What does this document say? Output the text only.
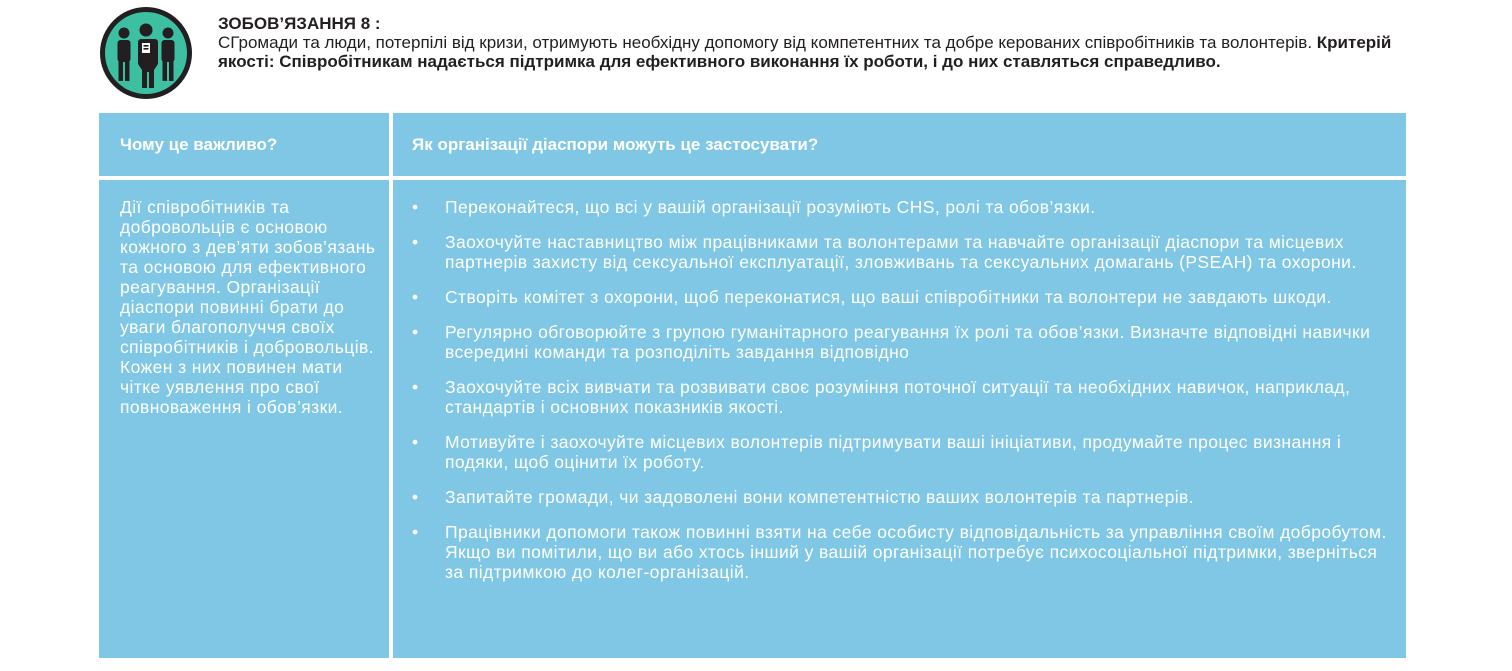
ЗОБОВ’ЯЗАННЯ 8 :
СГромади та люди, потерпілі від кризи, отримують необхідну допомогу від компетентних та добре керованих співробітників та волонтерів. Критерій якості: Співробітникам надається підтримка для ефективного виконання їх роботи, і до них ставляться справедливо.
Чому це важливо?	Як організації діаспори можуть це застосувати?
Дії співробітників та добровольців є основою кожного з дев’яти зобов’язань та основою для ефективного реагування. Організації діаспори повинні брати до уваги благополуччя своїх співробітників і добровольців. Кожен з них повинен мати чітке уявлення про свої повноваження і обов’язки.
• Переконайтеся, що всі у вашій організації розуміють CHS, ролі та обов’язки.
• Заохочуйте наставництво між працівниками та волонтерами та навчайте організації діаспори та місцевих партнерів захисту від сексуальної експлуатації, зловживань та сексуальних домагань (PSEAH) та охорони.
• Створіть комітет з охорони, щоб переконатися, що ваші співробітники та волонтери не завдають шкоди.
• Регулярно обговорюйте з групою гуманітарного реагування їх ролі та обов’язки. Визначте відповідні навички всередині команди та розподіліть завдання відповідно
• Заохочуйте всіх вивчати та розвивати своє розуміння поточної ситуації та необхідних навичок, наприклад, стандартів і основних показників якості.
• Мотивуйте і заохочуйте місцевих волонтерів підтримувати ваші ініціативи, продумайте процес визнання і подяки, щоб оцінити їх роботу.
• Запитайте громади, чи задоволені вони компетентністю ваших волонтерів та партнерів.
• Працівники допомоги також повинні взяти на себе особисту відповідальність за управління своїм добробутом. Якщо ви помітили, що ви або хтось інший у вашій організації потребує психосоціальної підтримки, зверніться за підтримкою до колег-організацій.
